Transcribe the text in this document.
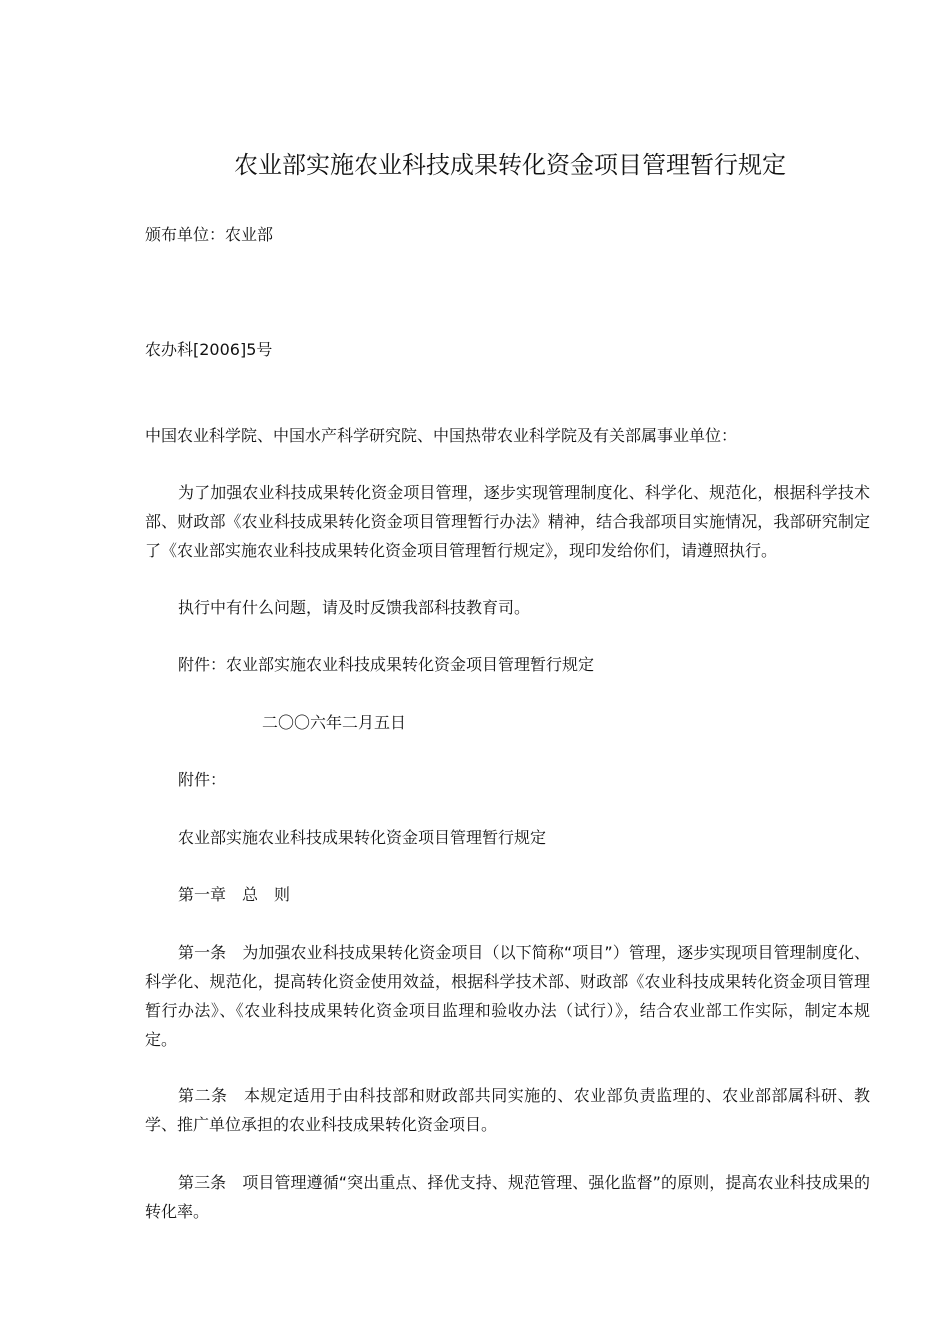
农业部实施农业科技成果转化资金项目管理暂行规定

颁布单位：农业部

农办科[2006]5号

中国农业科学院、中国水产科学研究院、中国热带农业科学院及有关部属事业单位：

为了加强农业科技成果转化资金项目管理，逐步实现管理制度化、科学化、规范化，根据科学技术部、财政部《农业科技成果转化资金项目管理暂行办法》精神，结合我部项目实施情况，我部研究制定了《农业部实施农业科技成果转化资金项目管理暂行规定》，现印发给你们，请遵照执行。

执行中有什么问题，请及时反馈我部科技教育司。

附件：农业部实施农业科技成果转化资金项目管理暂行规定

二〇〇六年二月五日

附件：

农业部实施农业科技成果转化资金项目管理暂行规定

第一章　总　则

第一条　为加强农业科技成果转化资金项目（以下简称“项目”）管理，逐步实现项目管理制度化、科学化、规范化，提高转化资金使用效益，根据科学技术部、财政部《农业科技成果转化资金项目管理暂行办法》、《农业科技成果转化资金项目监理和验收办法（试行）》，结合农业部工作实际，制定本规定。

第二条　本规定适用于由科技部和财政部共同实施的、农业部负责监理的、农业部部属科研、教学、推广单位承担的农业科技成果转化资金项目。

第三条　项目管理遵循“突出重点、择优支持、规范管理、强化监督”的原则，提高农业科技成果的转化率。
